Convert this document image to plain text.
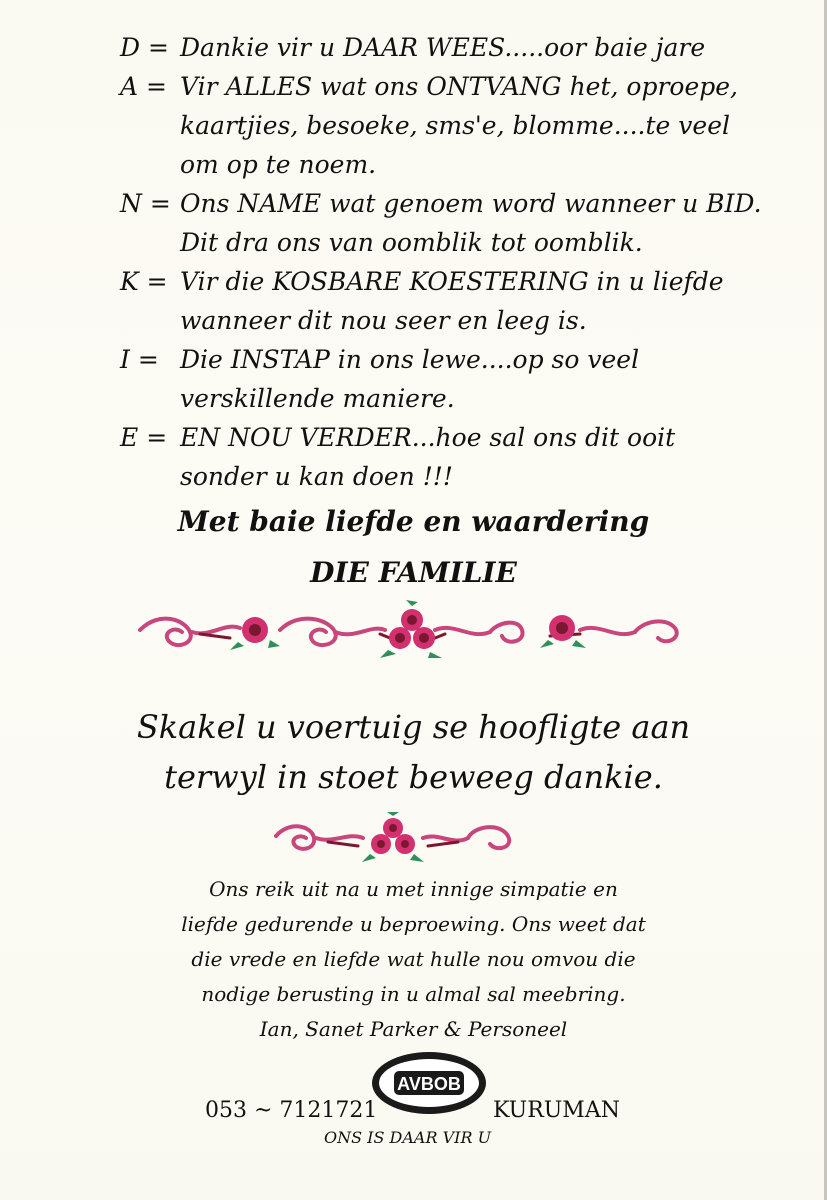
D = Dankie vir u DAAR WEES.....oor baie jare
A = Vir ALLES wat ons ONTVANG het, oproepe,
kaartjies, besoeke, sms'e, blomme....te veel
om op te noem.
N = Ons NAME wat genoem word wanneer u BID.
Dit dra ons van oomblik tot oomblik.
K = Vir die KOSBARE KOESTERING in u liefde
wanneer dit nou seer en leeg is.
I = Die INSTAP in ons lewe....op so veel
verskillende maniere.
E = EN NOU VERDER...hoe sal ons dit ooit
sonder u kan doen !!!
Met baie liefde en waardering
DIE FAMILIE
Skakel u voertuig se hoofligte aan
terwyl in stoet beweeg dankie.
Ons reik uit na u met innige simpatie en
liefde gedurende u beproewing. Ons weet dat
die vrede en liefde wat hulle nou omvou die
nodige berusting in u almal sal meebring.
Ian, Sanet Parker & Personeel
053 ~ 7121721
AVBOB
KURUMAN
ONS IS DAAR VIR U
